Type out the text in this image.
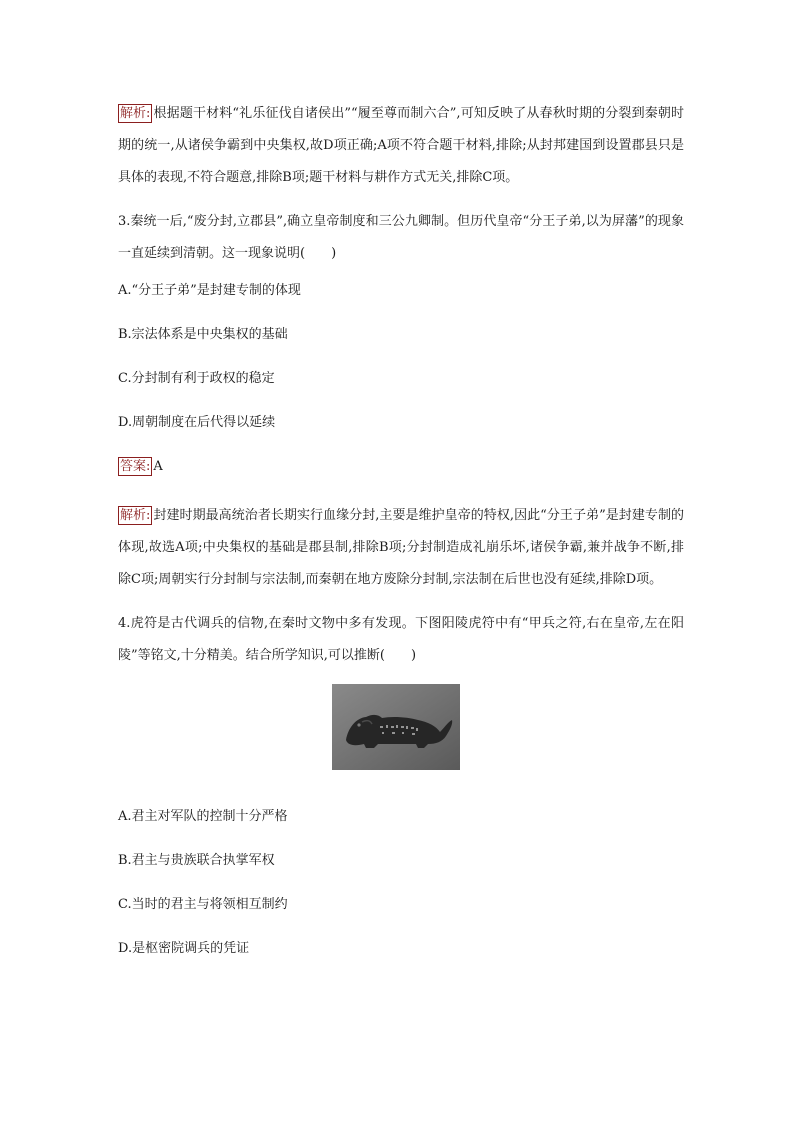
解析: 根据题干材料“礼乐征伐自诸侯出”“履至尊而制六合”,可知反映了从春秋时期的分裂到秦朝时期的统一,从诸侯争霸到中央集权,故D项正确;A项不符合题干材料,排除;从封邦建国到设置郡县只是具体的表现,不符合题意,排除B项;题干材料与耕作方式无关,排除C项。

3.秦统一后,“废分封,立郡县”,确立皇帝制度和三公九卿制。但历代皇帝“分王子弟,以为屏藩”的现象一直延续到清朝。这一现象说明(　　)

A.“分王子弟”是封建专制的体现

B.宗法体系是中央集权的基础

C.分封制有利于政权的稳定

D.周朝制度在后代得以延续

答案: A

解析: 封建时期最高统治者长期实行血缘分封,主要是维护皇帝的特权,因此“分王子弟”是封建专制的体现,故选A项;中央集权的基础是郡县制,排除B项;分封制造成礼崩乐坏,诸侯争霸,兼并战争不断,排除C项;周朝实行分封制与宗法制,而秦朝在地方废除分封制,宗法制在后世也没有延续,排除D项。

4.虎符是古代调兵的信物,在秦时文物中多有发现。下图阳陵虎符中有“甲兵之符,右在皇帝,左在阳陵”等铭文,十分精美。结合所学知识,可以推断(　　)

A.君主对军队的控制十分严格

B.君主与贵族联合执掌军权

C.当时的君主与将领相互制约

D.是枢密院调兵的凭证
